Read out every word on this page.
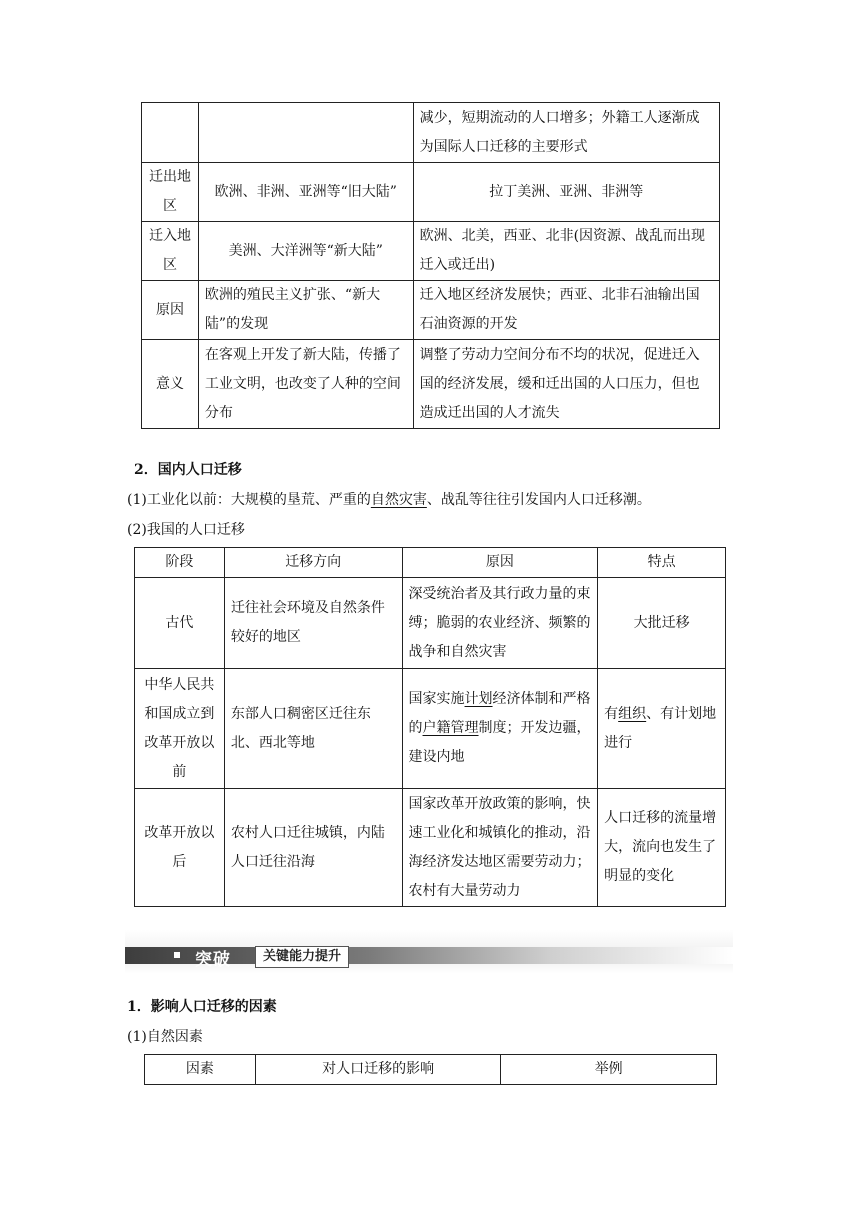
		减少，短期流动的人口增多；外籍工人逐渐成为国际人口迁移的主要形式
迁出地区	欧洲、非洲、亚洲等“旧大陆”	拉丁美洲、亚洲、非洲等
迁入地区	美洲、大洋洲等“新大陆”	欧洲、北美，西亚、北非(因资源、战乱而出现迁入或迁出)
原因	欧洲的殖民主义扩张、“新大陆”的发现	迁入地区经济发展快；西亚、北非石油输出国石油资源的开发
意义	在客观上开发了新大陆，传播了工业文明，也改变了人种的空间分布	调整了劳动力空间分布不均的状况，促进迁入国的经济发展，缓和迁出国的人口压力，但也造成迁出国的人才流失
2．国内人口迁移
(1)工业化以前：大规模的垦荒、严重的自然灾害、战乱等往往引发国内人口迁移潮。
(2)我国的人口迁移
阶段	迁移方向	原因	特点
古代	迁往社会环境及自然条件较好的地区	深受统治者及其行政力量的束缚；脆弱的农业经济、频繁的战争和自然灾害	大批迁移
中华人民共和国成立到改革开放以前	东部人口稠密区迁往东北、西北等地	国家实施计划经济体制和严格的户籍管理制度；开发边疆，建设内地	有组织、有计划地进行
改革开放以后	农村人口迁往城镇，内陆人口迁往沿海	国家改革开放政策的影响，快速工业化和城镇化的推动，沿海经济发达地区需要劳动力；农村有大量劳动力	人口迁移的流量增大，流向也发生了明显的变化
突破	关键能力提升
1．影响人口迁移的因素
(1)自然因素
因素	对人口迁移的影响	举例
